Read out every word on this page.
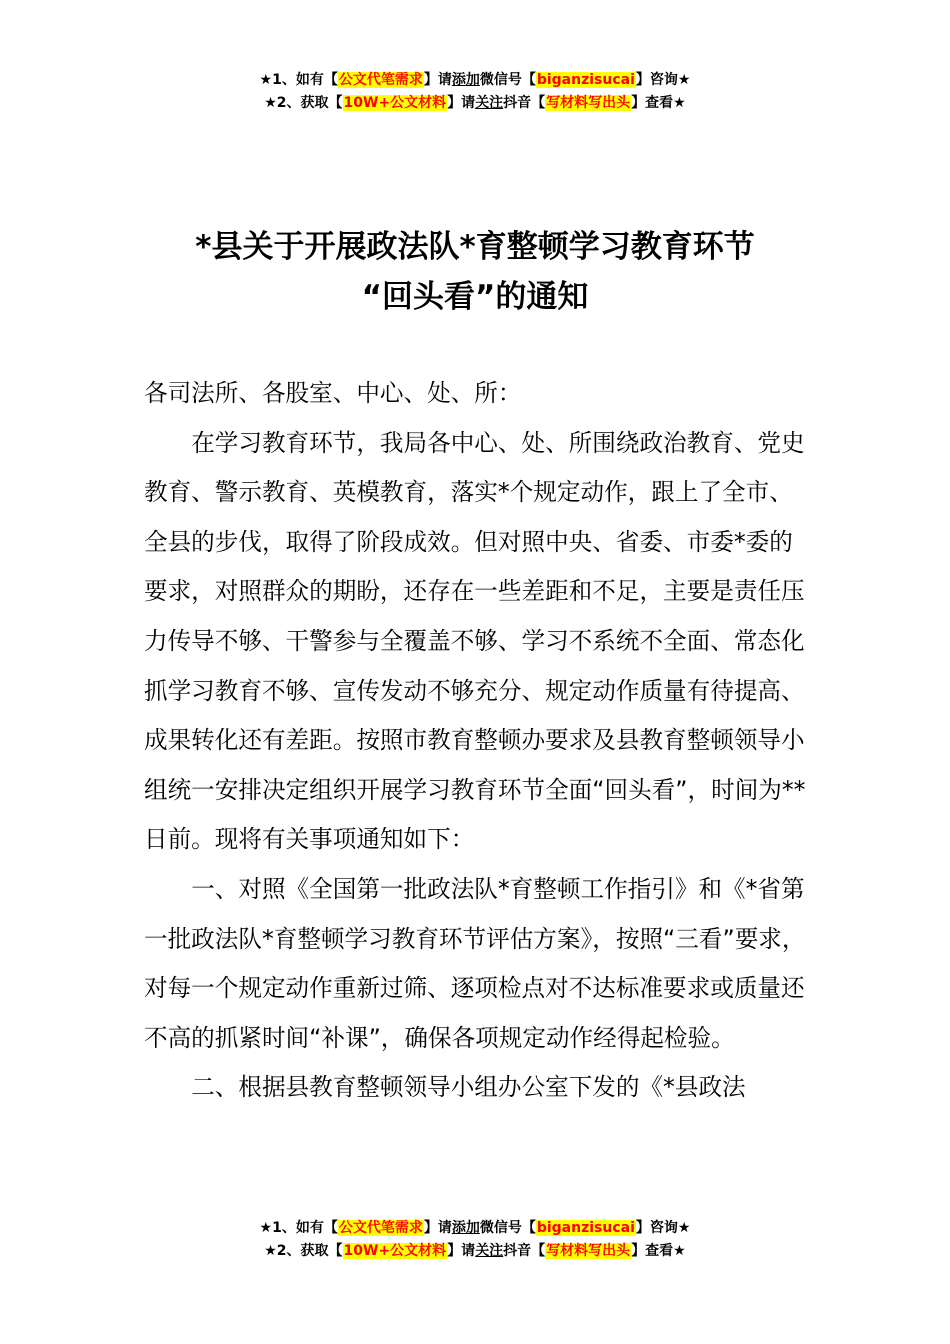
★1、如有【公文代笔需求】请添加微信号【biganzisucai】咨询★
★2、获取【10W+公文材料】请关注抖音【写材料写出头】查看★
*县关于开展政法队*育整顿学习教育环节
“回头看”的通知

各司法所、各股室、中心、处、所：

在学习教育环节，我局各中心、处、所围绕政治教育、党史教育、警示教育、英模教育，落实*个规定动作，跟上了全市、全县的步伐，取得了阶段成效。但对照中央、省委、市委*委的要求，对照群众的期盼，还存在一些差距和不足，主要是责任压力传导不够、干警参与全覆盖不够、学习不系统不全面、常态化抓学习教育不够、宣传发动不够充分、规定动作质量有待提高、成果转化还有差距。按照市教育整顿办要求及县教育整顿领导小组统一安排决定组织开展学习教育环节全面“回头看”，时间为**日前。现将有关事项通知如下：

一、对照《全国第一批政法队*育整顿工作指引》和《*省第一批政法队*育整顿学习教育环节评估方案》，按照“三看”要求，对每一个规定动作重新过筛、逐项检点对不达标准要求或质量还不高的抓紧时间“补课”，确保各项规定动作经得起检验。

二、根据县教育整顿领导小组办公室下发的《*县政法

★1、如有【公文代笔需求】请添加微信号【biganzisucai】咨询★
★2、获取【10W+公文材料】请关注抖音【写材料写出头】查看★
